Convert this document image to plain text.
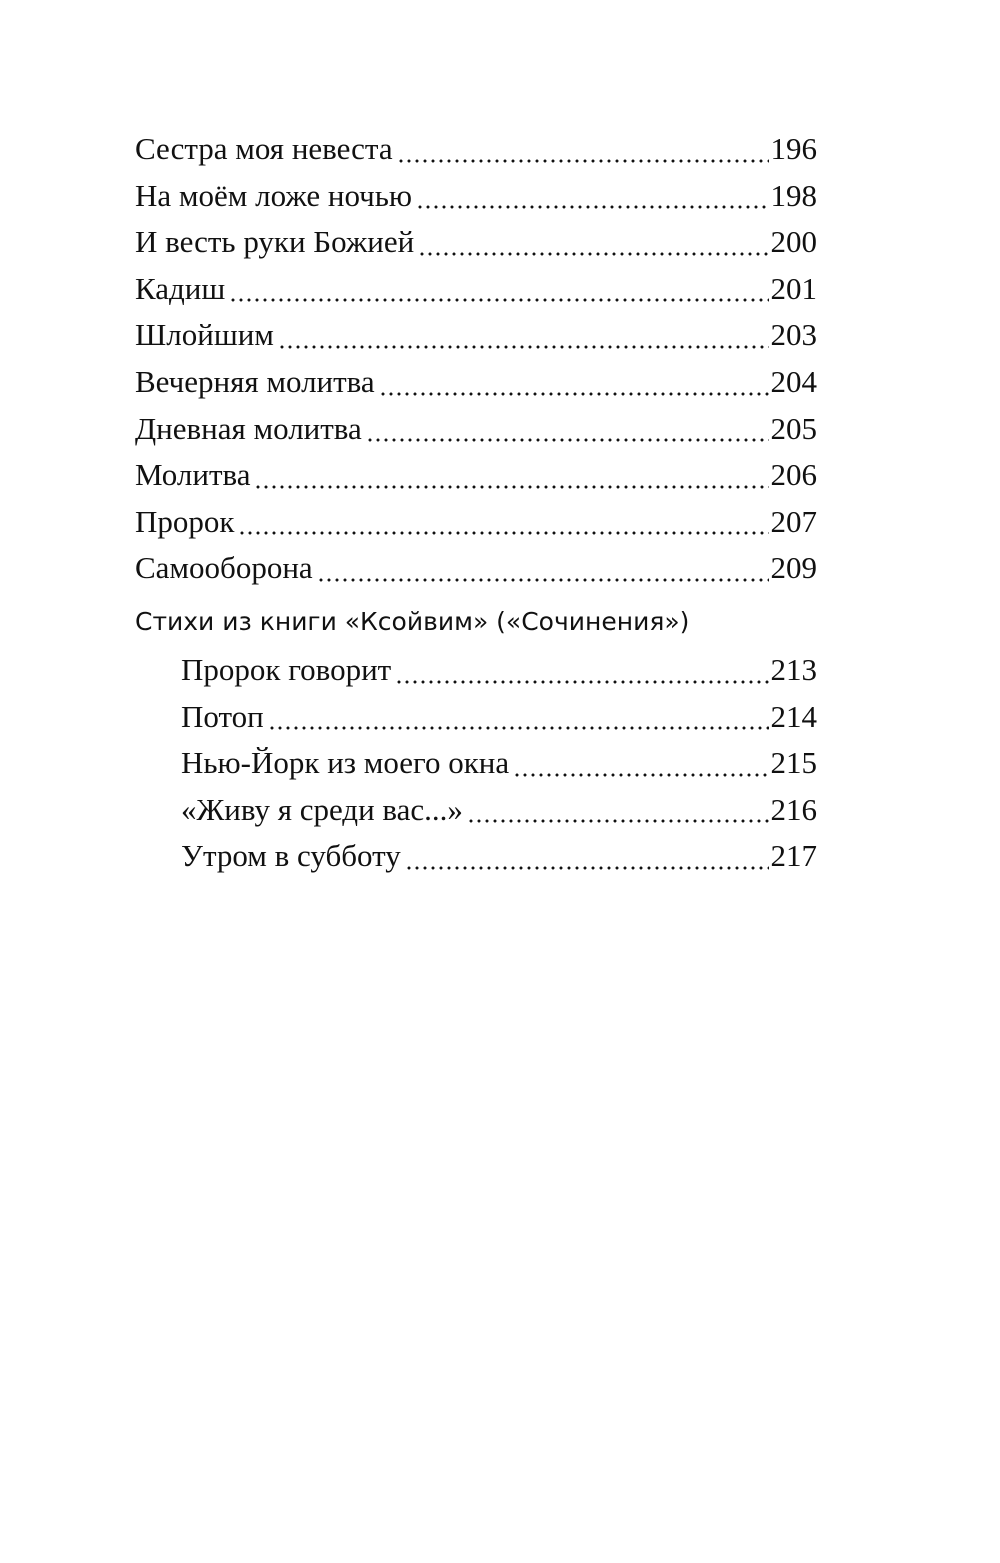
Сестра моя невеста	196
На моём ложе ночью	198
И весть руки Божией	200
Кадиш	201
Шлойшим	203
Вечерняя молитва	204
Дневная молитва	205
Молитва	206
Пророк	207
Самооборона	209
Стихи из книги «Ксойвим» («Сочинения»)
Пророк говорит	213
Потоп	214
Нью-Йорк из моего окна	215
«Живу я среди вас...»	216
Утром в субботу	217
